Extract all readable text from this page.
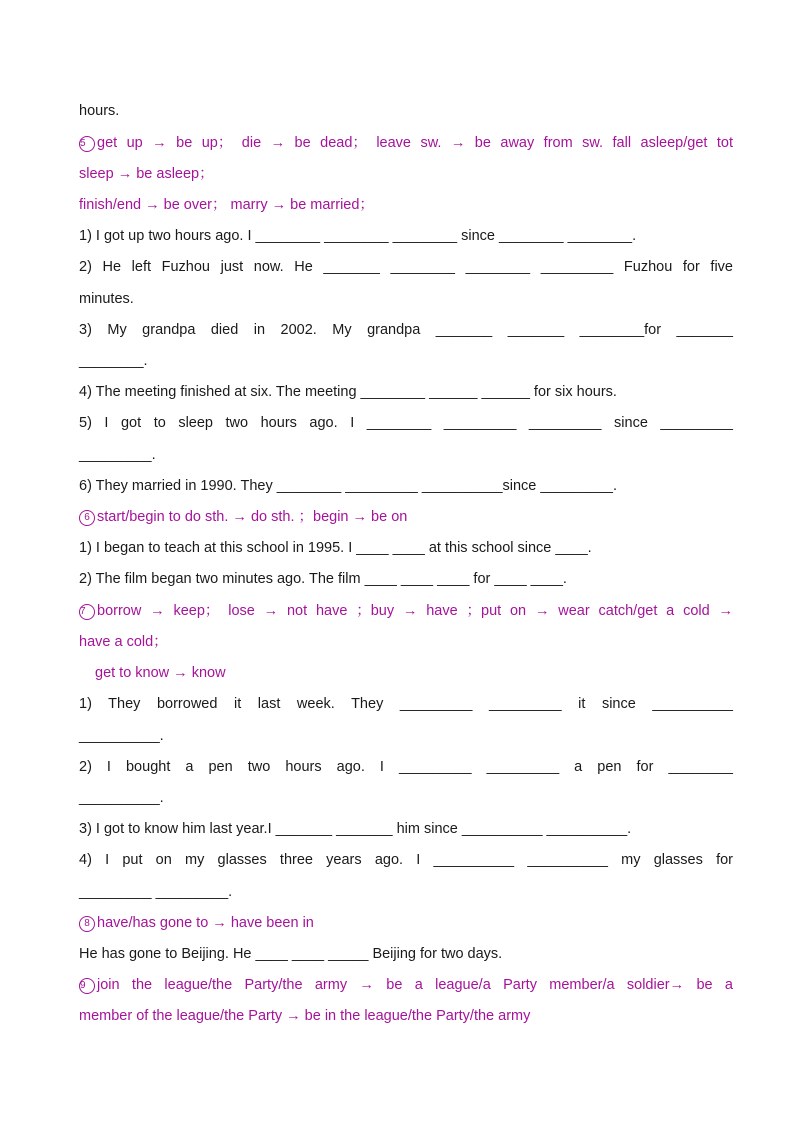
hours.
5 get up → be up； die → be dead； leave sw. → be away from sw. fall asleep/get tot
sleep → be asleep；
finish/end → be over； marry → be married；
1) I got up two hours ago. I ________ ________ ________ since ________ ________.
2) He left Fuzhou just now. He _______ ________ ________ _________ Fuzhou for five
minutes.
3) My grandpa died in 2002. My grandpa _______ _______ ________for _______
________.
4) The meeting finished at six. The meeting ________ ______ ______ for six hours.
5) I got to sleep two hours ago. I ________ _________ _________ since _________
_________.
6) They married in 1990. They ________ _________ __________since _________.
6 start/begin to do sth. → do sth. ；begin → be on
1) I began to teach at this school in 1995. I ____ ____ at this school since ____.
2) The film began two minutes ago. The film ____ ____ ____ for ____ ____.
7 borrow → keep； lose → not have ；buy → have ；put on → wear catch/get a cold →
have a cold；
get to know → know
1) They borrowed it last week. They _________ _________ it since __________
__________.
2) I bought a pen two hours ago. I _________ _________ a pen for ________
__________.
3) I got to know him last year.I _______ _______ him since __________ __________.
4) I put on my glasses three years ago. I __________ __________ my glasses for
_________ _________.
8 have/has gone to → have been in
He has gone to Beijing. He ____ ____ _____ Beijing for two days.
9 join the league/the Party/the army → be a league/a Party member/a soldier→ be a
member of the league/the Party → be in the league/the Party/the army
